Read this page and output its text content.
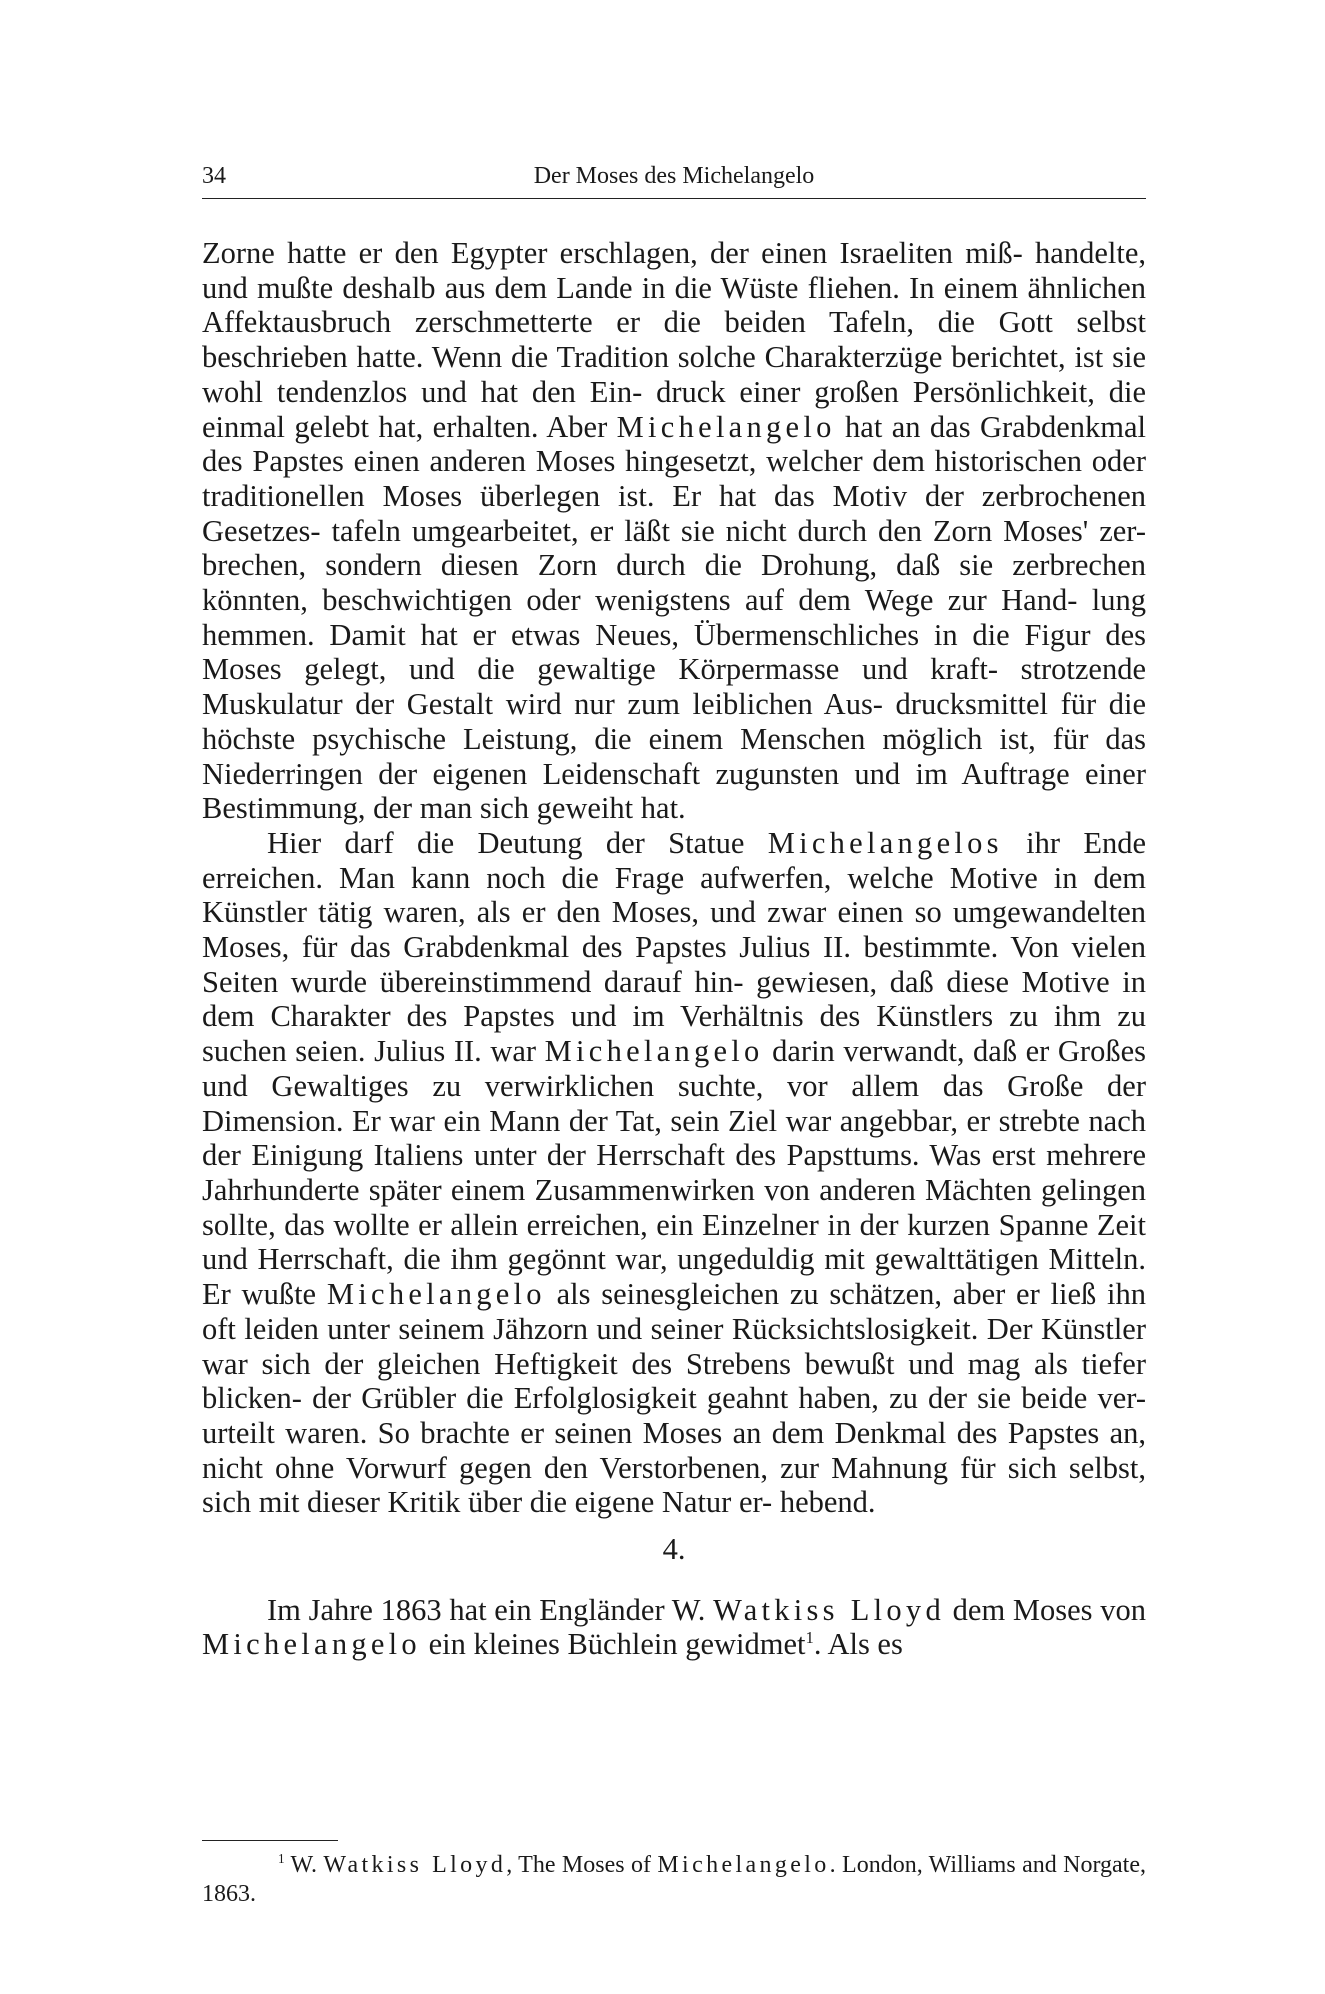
34	Der Moses des Michelangelo

Zorne hatte er den Egypter erschlagen, der einen Israeliten miß- handelte, und mußte deshalb aus dem Lande in die Wüste fliehen. In einem ähnlichen Affektausbruch zerschmetterte er die beiden Tafeln, die Gott selbst beschrieben hatte. Wenn die Tradition solche Charakterzüge berichtet, ist sie wohl tendenzlos und hat den Ein- druck einer großen Persönlichkeit, die einmal gelebt hat, erhalten. Aber Michelangelo hat an das Grabdenkmal des Papstes einen anderen Moses hingesetzt, welcher dem historischen oder traditionellen Moses überlegen ist. Er hat das Motiv der zerbrochenen Gesetzes- tafeln umgearbeitet, er läßt sie nicht durch den Zorn Moses' zer- brechen, sondern diesen Zorn durch die Drohung, daß sie zerbrechen könnten, beschwichtigen oder wenigstens auf dem Wege zur Hand- lung hemmen. Damit hat er etwas Neues, Übermenschliches in die Figur des Moses gelegt, und die gewaltige Körpermasse und kraft- strotzende Muskulatur der Gestalt wird nur zum leiblichen Aus- drucksmittel für die höchste psychische Leistung, die einem Menschen möglich ist, für das Niederringen der eigenen Leidenschaft zugunsten und im Auftrage einer Bestimmung, der man sich geweiht hat.

Hier darf die Deutung der Statue Michelangelos ihr Ende erreichen. Man kann noch die Frage aufwerfen, welche Motive in dem Künstler tätig waren, als er den Moses, und zwar einen so umgewandelten Moses, für das Grabdenkmal des Papstes Julius II. bestimmte. Von vielen Seiten wurde übereinstimmend darauf hin- gewiesen, daß diese Motive in dem Charakter des Papstes und im Verhältnis des Künstlers zu ihm zu suchen seien. Julius II. war Michelangelo darin verwandt, daß er Großes und Gewaltiges zu verwirklichen suchte, vor allem das Große der Dimension. Er war ein Mann der Tat, sein Ziel war angebbar, er strebte nach der Einigung Italiens unter der Herrschaft des Papsttums. Was erst mehrere Jahrhunderte später einem Zusammenwirken von anderen Mächten gelingen sollte, das wollte er allein erreichen, ein Einzelner in der kurzen Spanne Zeit und Herrschaft, die ihm gegönnt war, ungeduldig mit gewalttätigen Mitteln. Er wußte Michelangelo als seinesgleichen zu schätzen, aber er ließ ihn oft leiden unter seinem Jähzorn und seiner Rücksichtslosigkeit. Der Künstler war sich der gleichen Heftigkeit des Strebens bewußt und mag als tiefer blicken- der Grübler die Erfolglosigkeit geahnt haben, zu der sie beide ver- urteilt waren. So brachte er seinen Moses an dem Denkmal des Papstes an, nicht ohne Vorwurf gegen den Verstorbenen, zur Mahnung für sich selbst, sich mit dieser Kritik über die eigene Natur er- hebend.

4.

Im Jahre 1863 hat ein Engländer W. Watkiss Lloyd dem Moses von Michelangelo ein kleines Büchlein gewidmet$^1$. Als es

$^1$ W. Watkiss Lloyd, The Moses of Michelangelo. London, Williams and Norgate, 1863.
